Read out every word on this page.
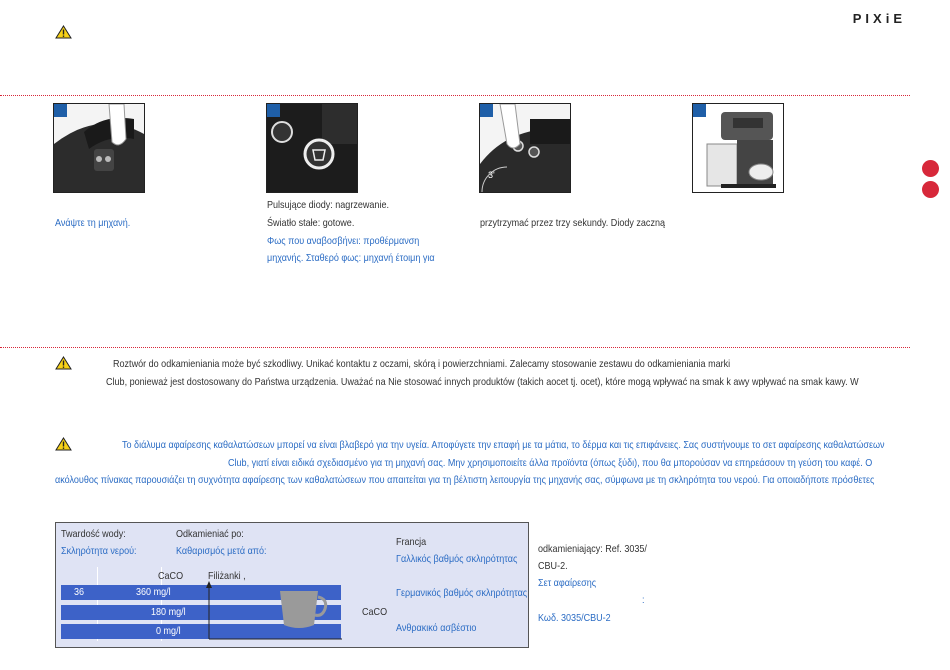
PIXiE
3'
Ανάψτε τη μηχανή.
Pulsujące diody: nagrzewanie.
Światło stałe: gotowe.
Φως που αναβοσβήνει: προθέρμανση
μηχανής. Σταθερό φως: μηχανή έτοιμη για
przytrzymać przez trzy sekundy. Diody zaczną
Roztwór do odkamieniania może być szkodliwy. Unikać kontaktu z oczami, skórą i powierzchniami. Zalecamy stosowanie zestawu do odkamieniania marki
Club, ponieważ jest dostosowany do Państwa urządzenia. Uważać na Nie stosować innych produktów (takich aocet tj. ocet), które mogą wpływać na smak k awy wpływać na smak kawy. W
Το διάλυμα αφαίρεσης καθαλατώσεων μπορεί να είναι βλαβερό για την υγεία. Αποφύγετε την επαφή με τα μάτια, το δέρμα και τις επιφάνειες. Σας συστήνουμε το σετ αφαίρεσης καθαλατώσεων
Club, γιατί είναι ειδικά σχεδιασμένο για τη μηχανή σας. Μην χρησιμοποιείτε άλλα προϊόντα (όπως ξύδι), που θα μπορούσαν να επηρεάσουν τη γεύση του καφέ. Ο
ακόλουθος πίνακας παρουσιάζει τη συχνότητα αφαίρεσης των καθαλατώσεων που απαιτείται για τη βέλτιστη λειτουργία της μηχανής σας, σύμφωνα με τη σκληρότητα του νερού. Για οποιαδήποτε πρόσθετες
Twardość wody:
Σκληρότητα νερού:
Odkamieniać po:
Καθαρισμός μετά από:
CaCO Filiżanki ,
36	360 mg/l
180 mg/l
0 mg/l
CaCO
Francja
Γαλλικός βαθμός σκληρότητας
Γερμανικός βαθμός σκληρότητας
Ανθρακικό ασβέστιο
odkamieniający: Ref. 3035/
CBU-2.
Σετ αφαίρεσης
:
Κωδ. 3035/CBU-2
